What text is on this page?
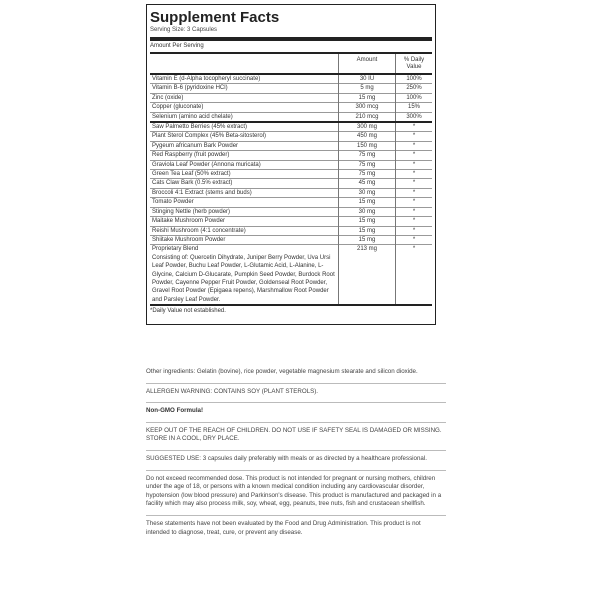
Supplement Facts
Serving Size: 3 Capsules
Amount Per Serving
	Amount	% Daily Value
Vitamin E (d-Alpha tocopheryl succinate)	30 IU	100%
Vitamin B-6 (pyridoxine HCl)	5 mg	250%
Zinc (oxide)	15 mg	100%
Copper (gluconate)	300 mcg	15%
Selenium (amino acid chelate)	210 mcg	300%
Saw Palmetto Berries (45% extract)	300 mg	*
Plant Sterol Complex (45% Beta-sitosterol)	450 mg	*
Pygeum africanum Bark Powder	150 mg	*
Red Raspberry (fruit powder)	75 mg	*
Graviola Leaf Powder (Annona muricata)	75 mg	*
Green Tea Leaf (50% extract)	75 mg	*
Cats Claw Bark (0.5% extract)	45 mg	*
Broccoli 4:1 Extract (stems and buds)	30 mg	*
Tomato Powder	15 mg	*
Stinging Nettle (herb powder)	30 mg	*
Maitake Mushroom Powder	15 mg	*
Reishi Mushroom (4:1 concentrate)	15 mg	*
Shiitake Mushroom Powder	15 mg	*

Proprietary Blend
Consisting of: Quercetin Dihydrate, Juniper Berry Powder, Uva Ursi Leaf Powder, Buchu Leaf Powder, L-Glutamic Acid, L-Alanine, L-Glycine, Calcium D-Glucarate, Pumpkin Seed Powder, Burdock Root Powder, Cayenne Pepper Fruit Powder, Goldenseal Root Powder, Gravel Root Powder (Epigaea repens), Marshmallow Root Powder and Parsley Leaf Powder.	213 mg	*
*Daily Value not established.
Other ingredients: Gelatin (bovine), rice powder, vegetable magnesium stearate and silicon dioxide.
ALLERGEN WARNING: CONTAINS SOY (PLANT STEROLS).
Non-GMO Formula!
KEEP OUT OF THE REACH OF CHILDREN. DO NOT USE IF SAFETY SEAL IS DAMAGED OR MISSING. STORE IN A COOL, DRY PLACE.
SUGGESTED USE: 3 capsules daily preferably with meals or as directed by a healthcare professional.
Do not exceed recommended dose. This product is not intended for pregnant or nursing mothers, children under the age of 18, or persons with a known medical condition including any cardiovascular disorder, hypotension (low blood pressure) and Parkinson's disease. This product is manufactured and packaged in a facility which may also process milk, soy, wheat, egg, peanuts, tree nuts, fish and crustacean shellfish.
These statements have not been evaluated by the Food and Drug Administration. This product is not intended to diagnose, treat, cure, or prevent any disease.
